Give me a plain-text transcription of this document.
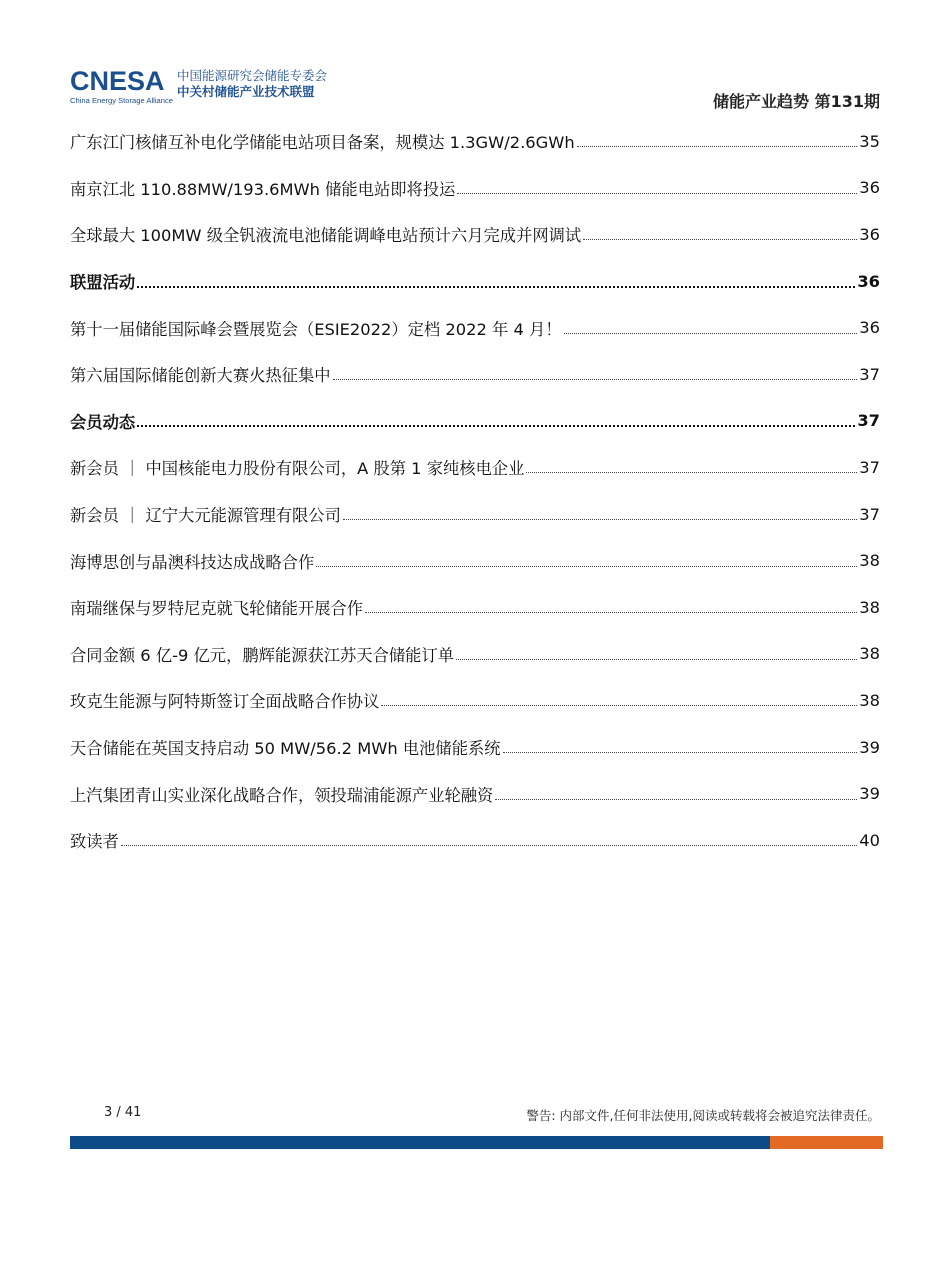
CNESA
China Energy Storage Alliance
中国能源研究会储能专委会
中关村储能产业技术联盟
储能产业趋势 第131期
广东江门核储互补电化学储能电站项目备案，规模达 1.3GW/2.6GWh	35
南京江北 110.88MW/193.6MWh 储能电站即将投运	36
全球最大 100MW 级全钒液流电池储能调峰电站预计六月完成并网调试	36
联盟活动	36
第十一届储能国际峰会暨展览会（ESIE2022）定档 2022 年 4 月！	36
第六届国际储能创新大赛火热征集中	37
会员动态	37
新会员 ｜ 中国核能电力股份有限公司，A 股第 1 家纯核电企业	37
新会员 ｜ 辽宁大元能源管理有限公司	37
海博思创与晶澳科技达成战略合作	38
南瑞继保与罗特尼克就飞轮储能开展合作	38
合同金额 6 亿-9 亿元，鹏辉能源获江苏天合储能订单	38
玫克生能源与阿特斯签订全面战略合作协议	38
天合储能在英国支持启动 50 MW/56.2 MWh 电池储能系统	39
上汽集团青山实业深化战略合作，领投瑞浦能源产业轮融资	39
致读者	40
3 / 41	警告: 内部文件,任何非法使用,阅读或转载将会被追究法律责任。
